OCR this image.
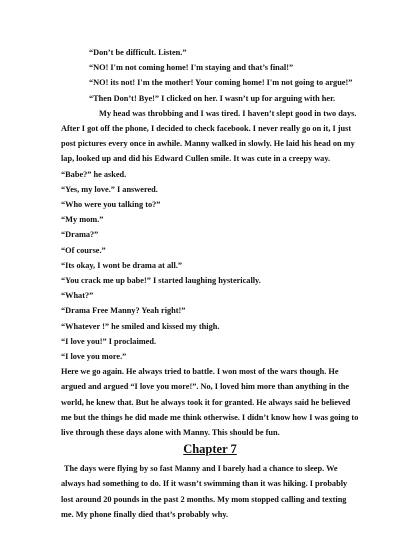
“Don’t be difficult. Listen.”
“NO! I'm not coming home! I'm staying and that’s final!”
“NO! its not! I'm the mother! Your coming home! I'm not going to argue!”
“Then Don’t! Bye!” I clicked on her. I wasn’t up for arguing with her.
My head was throbbing and I was tired. I haven’t slept good in two days.
After I got off the phone, I decided to check facebook. I never really go on it, I just
post pictures every once in awhile. Manny walked in slowly. He laid his head on my
lap, looked up and did his Edward Cullen smile. It was cute in a creepy way.
“Babe?” he asked.
“Yes, my love.” I answered.
“Who were you talking to?”
“My mom.”
“Drama?”
“Of course.”
“Its okay, I wont be drama at all.”
“You crack me up babe!” I started laughing hysterically.
“What?”
“Drama Free Manny? Yeah right!”
“Whatever !” he smiled and kissed my thigh.
“I love you!” I proclaimed.
“I love you more.”
Here we go again. He always tried to battle. I won most of the wars though. He
argued and argued “I love you more!”. No, I loved him more than anything in the
world, he knew that. But he always took it for granted. He always said he believed
me but the things he did made me think otherwise. I didn’t know how I was going to
live through these days alone with Manny. This should be fun.
Chapter 7
The days were flying by so fast Manny and I barely had a chance to sleep. We
always had something to do. If it wasn’t swimming than it was hiking. I probably
lost around 20 pounds in the past 2 months. My mom stopped calling and texting
me. My phone finally died that’s probably why.
